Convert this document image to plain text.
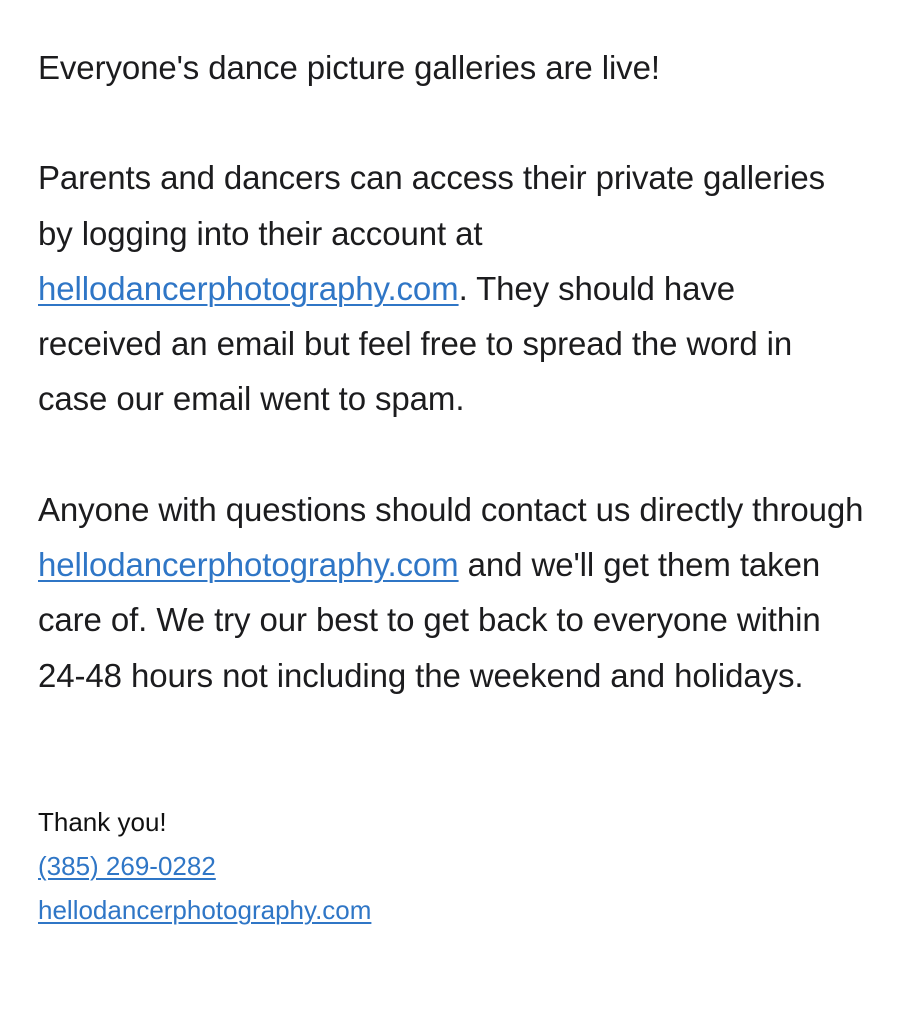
Everyone's dance picture galleries are live!

Parents and dancers can access their private galleries by logging into their account at hellodancerphotography.com. They should have received an email but feel free to spread the word in case our email went to spam.

Anyone with questions should contact us directly through hellodancerphotography.com and we'll get them taken care of. We try our best to get back to everyone within 24-48 hours not including the weekend and holidays.

Thank you!

(385) 269-0282

hellodancerphotography.com
